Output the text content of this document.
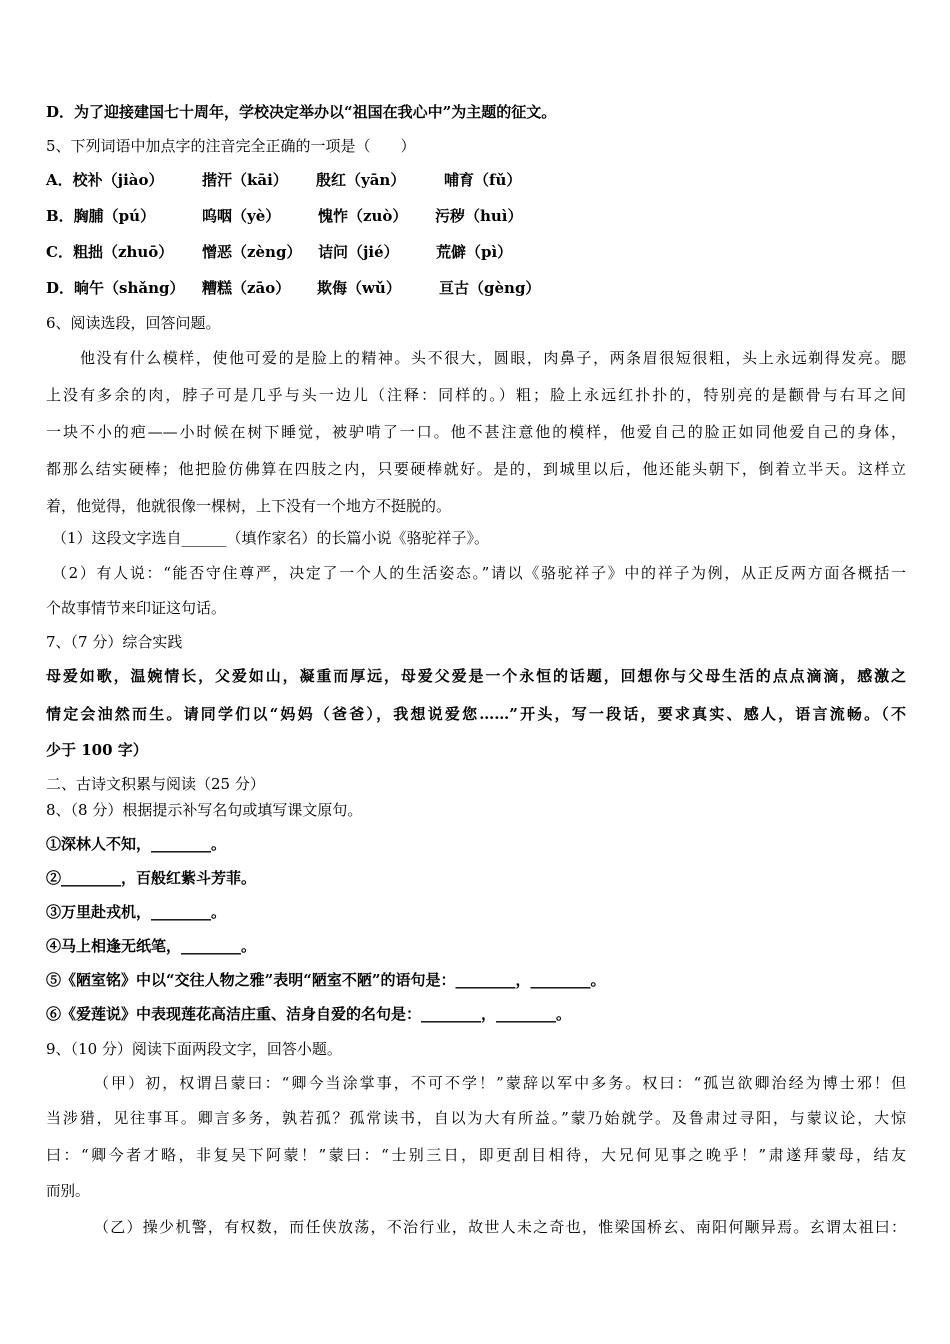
D．为了迎接建国七十周年，学校决定举办以“祖国在我心中”为主题的征文。
5、下列词语中加点字的注音完全正确的一项是（　　）
A．校补（jiào）	揩汗（kāi） 殷红（yān）	哺育（fǔ）
B．胸脯（pú）	呜咽（yè）	愧怍（zuò） 污秽（huì）
C．粗拙（zhuō） 憎恶（zèng） 诘问（jié） 荒僻（pì）
D．晌午（shǎng） 糟糕（zāo） 欺侮（wǔ）	亘古（gèng）
6、阅读选段，回答问题。
他没有什么模样，使他可爱的是脸上的精神。头不很大，圆眼，肉鼻子，两条眉很短很粗，头上永远剃得发亮。腮
上没有多余的肉，脖子可是几乎与头一边儿（注释：同样的。）粗；脸上永远红扑扑的，特别亮的是颧骨与右耳之间
一块不小的疤——小时候在树下睡觉，被驴啃了一口。他不甚注意他的模样，他爱自己的脸正如同他爱自己的身体，
都那么结实硬棒；他把脸仿佛算在四肢之内，只要硬棒就好。是的，到城里以后，他还能头朝下，倒着立半天。这样立
着，他觉得，他就很像一棵树，上下没有一个地方不挺脱的。
（1）这段文字选自______（填作家名）的长篇小说《骆驼祥子》。
（2）有人说：“能否守住尊严，决定了一个人的生活姿态。”请以《骆驼祥子》中的祥子为例，从正反两方面各概括一
个故事情节来印证这句话。
7、（7 分）综合实践
母爱如歌，温婉情长，父爱如山，凝重而厚远，母爱父爱是一个永恒的话题，回想你与父母生活的点点滴滴，感激之
情定会油然而生。请同学们以“妈妈（爸爸），我想说爱您……”开头，写一段话，要求真实、感人，语言流畅。（不
少于 100 字）
二、古诗文积累与阅读（25 分）
8、（8 分）根据提示补写名句或填写课文原句。
①深林人不知，________。
②________，百般红紫斗芳菲。
③万里赴戎机，________。
④马上相逢无纸笔，________。
⑤《陋室铭》中以“交往人物之雅”表明“陋室不陋”的语句是：________，________。
⑥《爱莲说》中表现莲花高洁庄重、洁身自爱的名句是：________，________。
9、（10 分）阅读下面两段文字，回答小题。
（甲）初，权谓吕蒙曰：“卿今当涂掌事，不可不学！”蒙辞以军中多务。权曰：“孤岂欲卿治经为博士邪！但
当涉猎，见往事耳。卿言多务，孰若孤？孤常读书，自以为大有所益。”蒙乃始就学。及鲁肃过寻阳，与蒙议论，大惊
曰：“卿今者才略，非复吴下阿蒙！”蒙曰：“士别三日，即更刮目相待，大兄何见事之晚乎！”肃遂拜蒙母，结友
而别。
（乙）操少机警，有权数，而任侠放荡，不治行业，故世人未之奇也，惟梁国桥玄、南阳何颙异焉。玄谓太祖曰：
